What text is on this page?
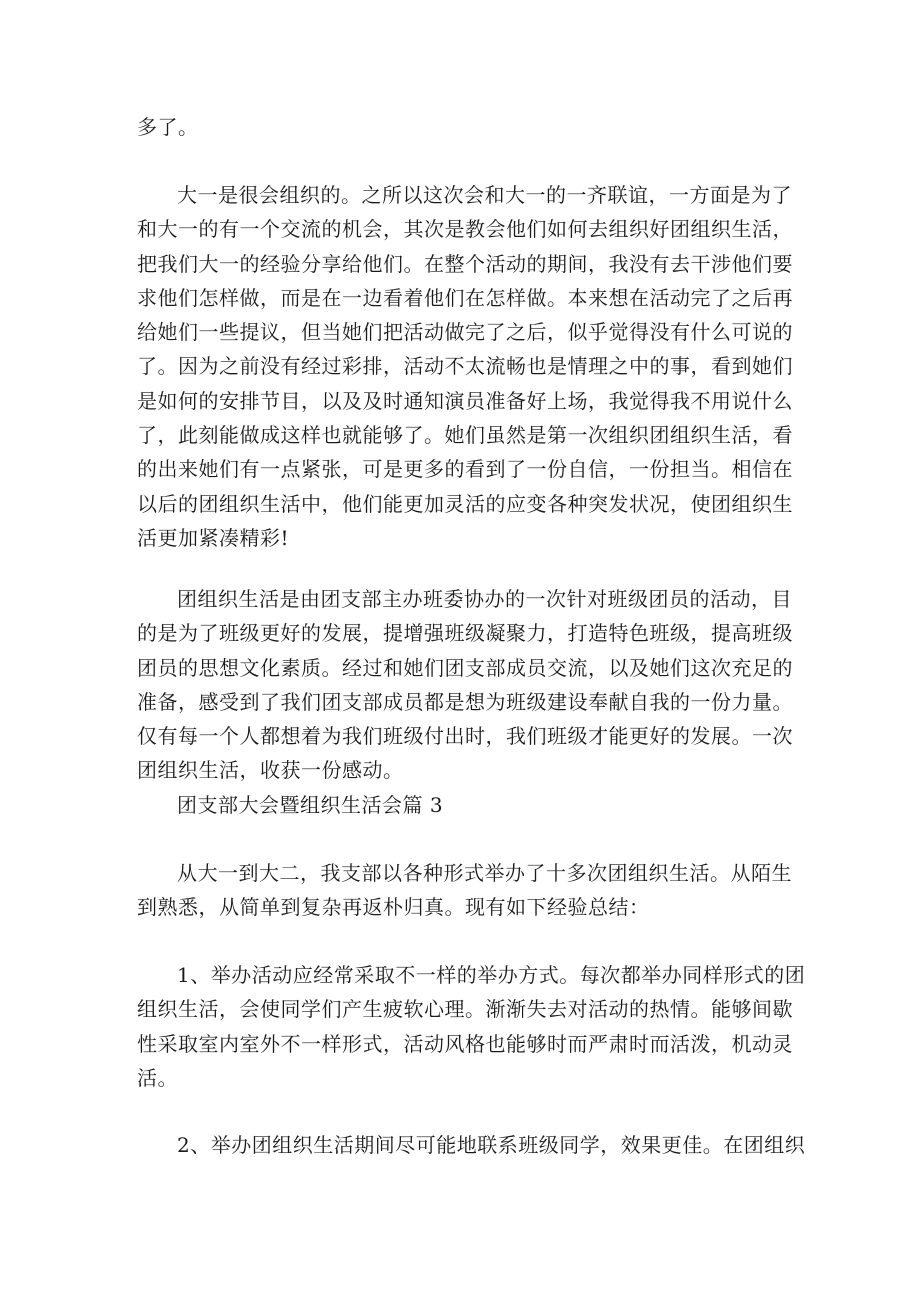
多了。
大一是很会组织的。之所以这次会和大一的一齐联谊，一方面是为了
和大一的有一个交流的机会，其次是教会他们如何去组织好团组织生活，
把我们大一的经验分享给他们。在整个活动的期间，我没有去干涉他们要
求他们怎样做，而是在一边看着他们在怎样做。本来想在活动完了之后再
给她们一些提议，但当她们把活动做完了之后，似乎觉得没有什么可说的
了。因为之前没有经过彩排，活动不太流畅也是情理之中的事，看到她们
是如何的安排节目，以及及时通知演员准备好上场，我觉得我不用说什么
了，此刻能做成这样也就能够了。她们虽然是第一次组织团组织生活，看
的出来她们有一点紧张，可是更多的看到了一份自信，一份担当。相信在
以后的团组织生活中，他们能更加灵活的应变各种突发状况，使团组织生
活更加紧凑精彩!
团组织生活是由团支部主办班委协办的一次针对班级团员的活动，目
的是为了班级更好的发展，提增强班级凝聚力，打造特色班级，提高班级
团员的思想文化素质。经过和她们团支部成员交流，以及她们这次充足的
准备，感受到了我们团支部成员都是想为班级建设奉献自我的一份力量。
仅有每一个人都想着为我们班级付出时，我们班级才能更好的发展。一次
团组织生活，收获一份感动。
团支部大会暨组织生活会篇 3
从大一到大二，我支部以各种形式举办了十多次团组织生活。从陌生
到熟悉，从简单到复杂再返朴归真。现有如下经验总结：
1、举办活动应经常采取不一样的举办方式。每次都举办同样形式的团
组织生活，会使同学们产生疲软心理。渐渐失去对活动的热情。能够间歇
性采取室内室外不一样形式，活动风格也能够时而严肃时而活泼，机动灵
活。
2、举办团组织生活期间尽可能地联系班级同学，效果更佳。在团组织
